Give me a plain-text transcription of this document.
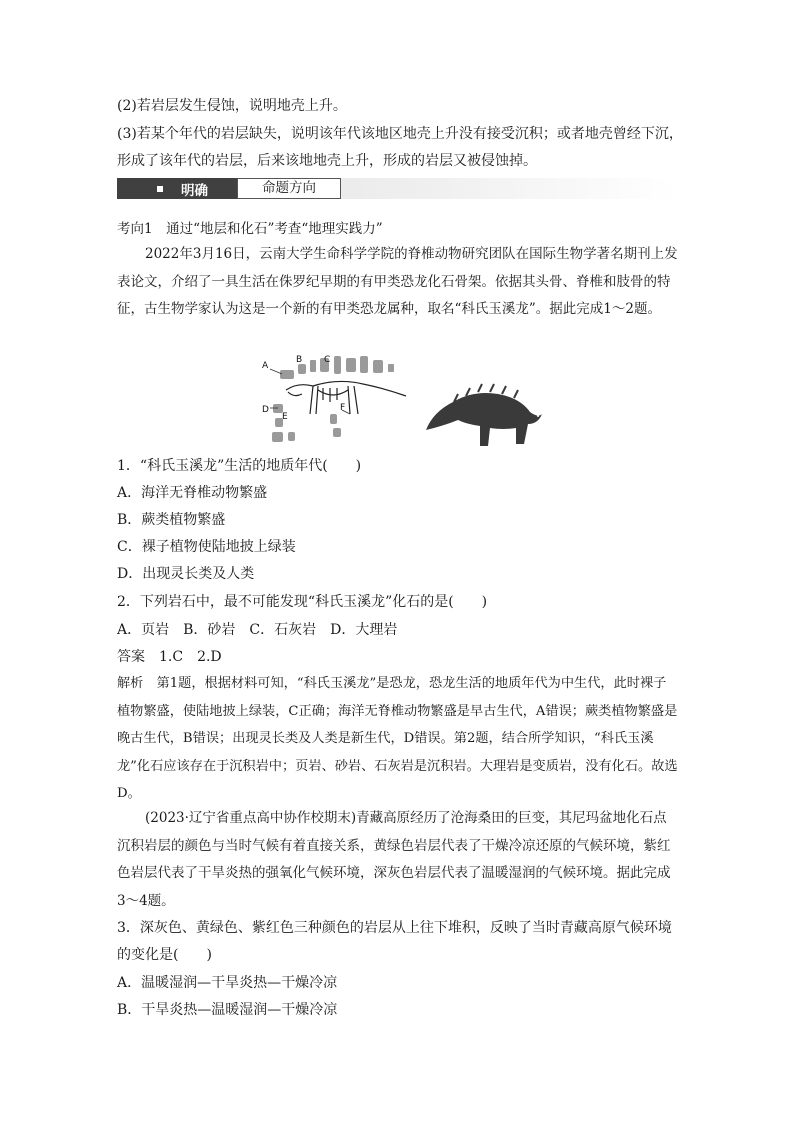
(2)若岩层发生侵蚀，说明地壳上升。
(3)若某个年代的岩层缺失，说明该年代该地区地壳上升没有接受沉积；或者地壳曾经下沉，
形成了该年代的岩层，后来该地地壳上升，形成的岩层又被侵蚀掉。
明确	命题方向
考向1　通过“地层和化石”考查“地理实践力”
2022年3月16日，云南大学生命科学学院的脊椎动物研究团队在国际生物学著名期刊上发表论文，介绍了一具生活在侏罗纪早期的有甲类恐龙化石骨架。依据其头骨、脊椎和肢骨的特征，古生物学家认为这是一个新的有甲类恐龙属种，取名“科氏玉溪龙”。据此完成1～2题。
A
B C
D
E
F
1．“科氏玉溪龙”生活的地质年代(　　)
A．海洋无脊椎动物繁盛
B．蕨类植物繁盛
C．裸子植物使陆地披上绿装
D．出现灵长类及人类
2．下列岩石中，最不可能发现“科氏玉溪龙”化石的是(　　)
A．页岩　B．砂岩　C．石灰岩　D．大理岩
答案　1.C　2.D
解析　第1题，根据材料可知，“科氏玉溪龙”是恐龙，恐龙生活的地质年代为中生代，此时裸子植物繁盛，使陆地披上绿装，C正确；海洋无脊椎动物繁盛是早古生代，A错误；蕨类植物繁盛是晚古生代，B错误；出现灵长类及人类是新生代，D错误。第2题，结合所学知识，“科氏玉溪龙”化石应该存在于沉积岩中；页岩、砂岩、石灰岩是沉积岩。大理岩是变质岩，没有化石。故选D。
(2023·辽宁省重点高中协作校期末)青藏高原经历了沧海桑田的巨变，其尼玛盆地化石点沉积岩层的颜色与当时气候有着直接关系，黄绿色岩层代表了干燥冷凉还原的气候环境，紫红色岩层代表了干旱炎热的强氧化气候环境，深灰色岩层代表了温暖湿润的气候环境。据此完成3～4题。
3．深灰色、黄绿色、紫红色三种颜色的岩层从上往下堆积，反映了当时青藏高原气候环境的变化是(　　)
A．温暖湿润—干旱炎热—干燥冷凉
B．干旱炎热—温暖湿润—干燥冷凉
